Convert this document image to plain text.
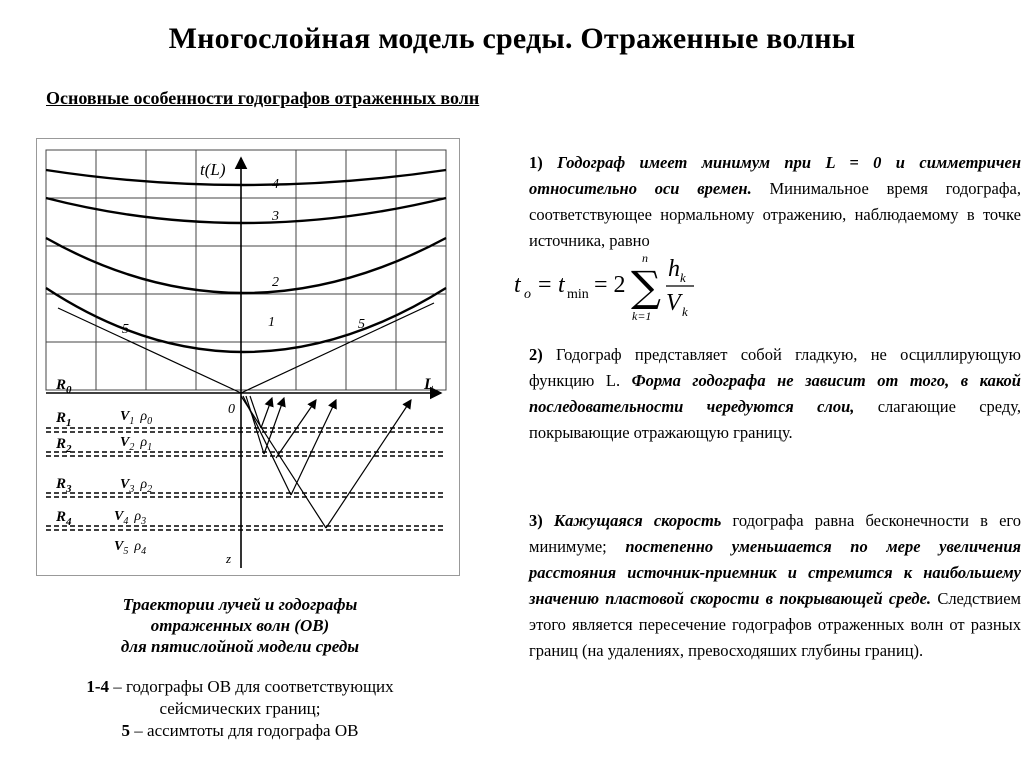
Многослойная модель среды. Отраженные волны
Основные особенности годографов отраженных волн
1
2
3
4
5	5
t(L)
L
0
z
$R_0$
$R_1$
$R_2$
$R_3$
$R_4$
$V_1$ $\rho_0$
$V_2$ $\rho_1$
$V_3$ $\rho_2$
$V_4$ $\rho_3$
$V_5$ $\rho_4$
Траектории лучей и годографы
отраженных волн (ОВ)
для пятислойной модели среды
1-4 – годографы ОВ для соответствующих
сейсмических границ;
5 – ассимтоты для годографа ОВ
1) Годограф имеет минимум при L = 0 и симметричен относительно оси времен. Минимальное время годографа, соответствующее нормальному отражению, наблюдаемому в точке источника, равно
t o = t min = 2 ∑
n
k=1
h k
V k
2) Годограф представляет собой гладкую, не осциллирующую функцию L. Форма годографа не зависит от того, в какой последовательности чередуются слои, слагающие среду, покрывающие отражающую границу.
3) Кажущаяся скорость годографа равна бесконечности в его минимуме; постепенно уменьшается по мере увеличения расстояния источник-приемник и стремится к наибольшему значению пластовой скорости в покрывающей среде. Следствием этого является пересечение годографов отраженных волн от разных границ (на удалениях, превосходяших глубины границ).
